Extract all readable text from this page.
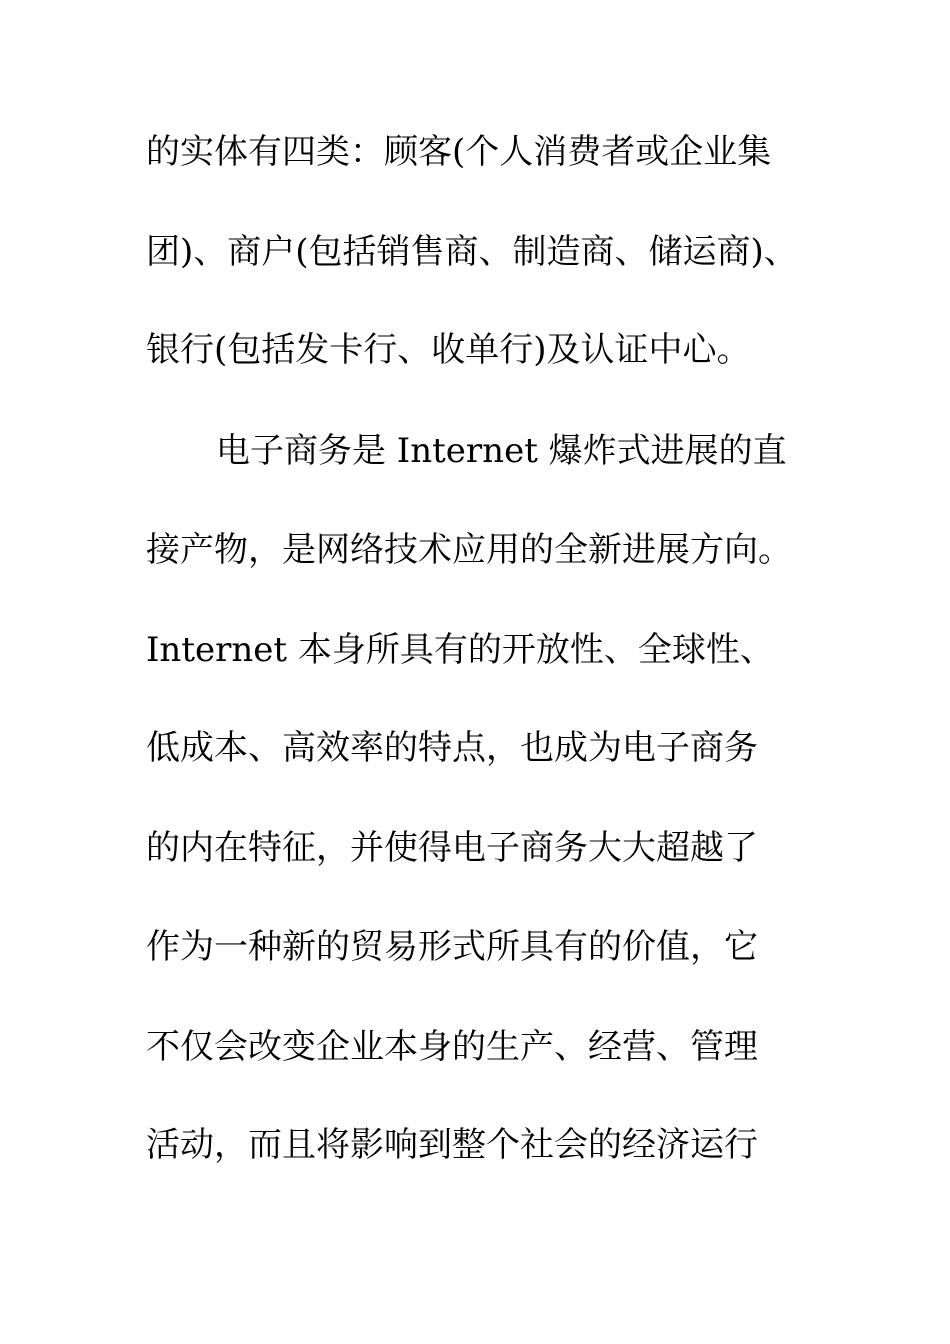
的实体有四类：顾客(个人消费者或企业集
团)、商户(包括销售商、制造商、储运商)、
银行(包括发卡行、收单行)及认证中心。
电子商务是 Internet 爆炸式进展的直
接产物，是网络技术应用的全新进展方向。
Internet 本身所具有的开放性、全球性、
低成本、高效率的特点，也成为电子商务
的内在特征，并使得电子商务大大超越了
作为一种新的贸易形式所具有的价值，它
不仅会改变企业本身的生产、经营、管理
活动，而且将影响到整个社会的经济运行
